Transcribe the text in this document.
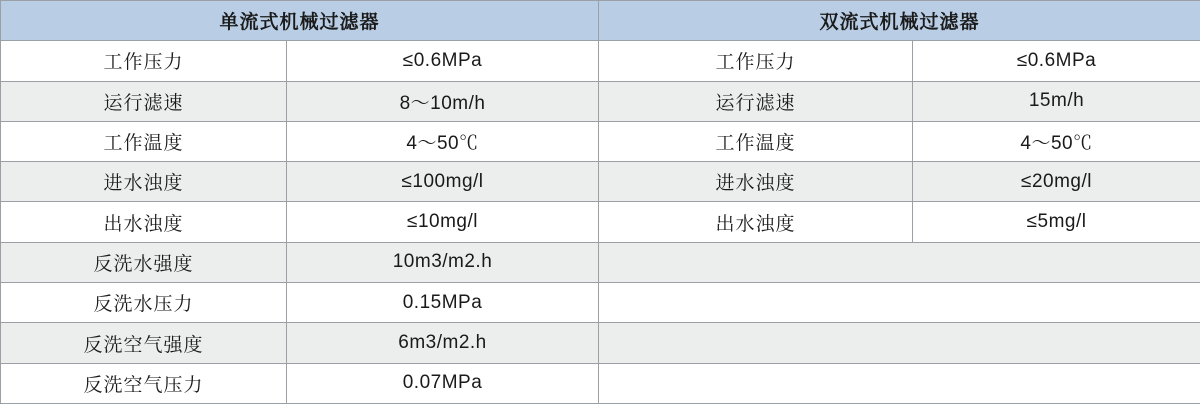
单流式机械过滤器		双流式机械过滤器	
工作压力	≤0.6MPa	工作压力	≤0.6MPa
运行滤速	8～10m/h	运行滤速	15m/h
工作温度	4～50℃	工作温度	4～50℃
进水浊度	≤100mg/l	进水浊度	≤20mg/l
出水浊度	≤10mg/l	出水浊度	≤5mg/l
反洗水强度	10m3/m2.h		
反洗水压力	0.15MPa		
反洗空气强度	6m3/m2.h		
反洗空气压力	0.07MPa		
